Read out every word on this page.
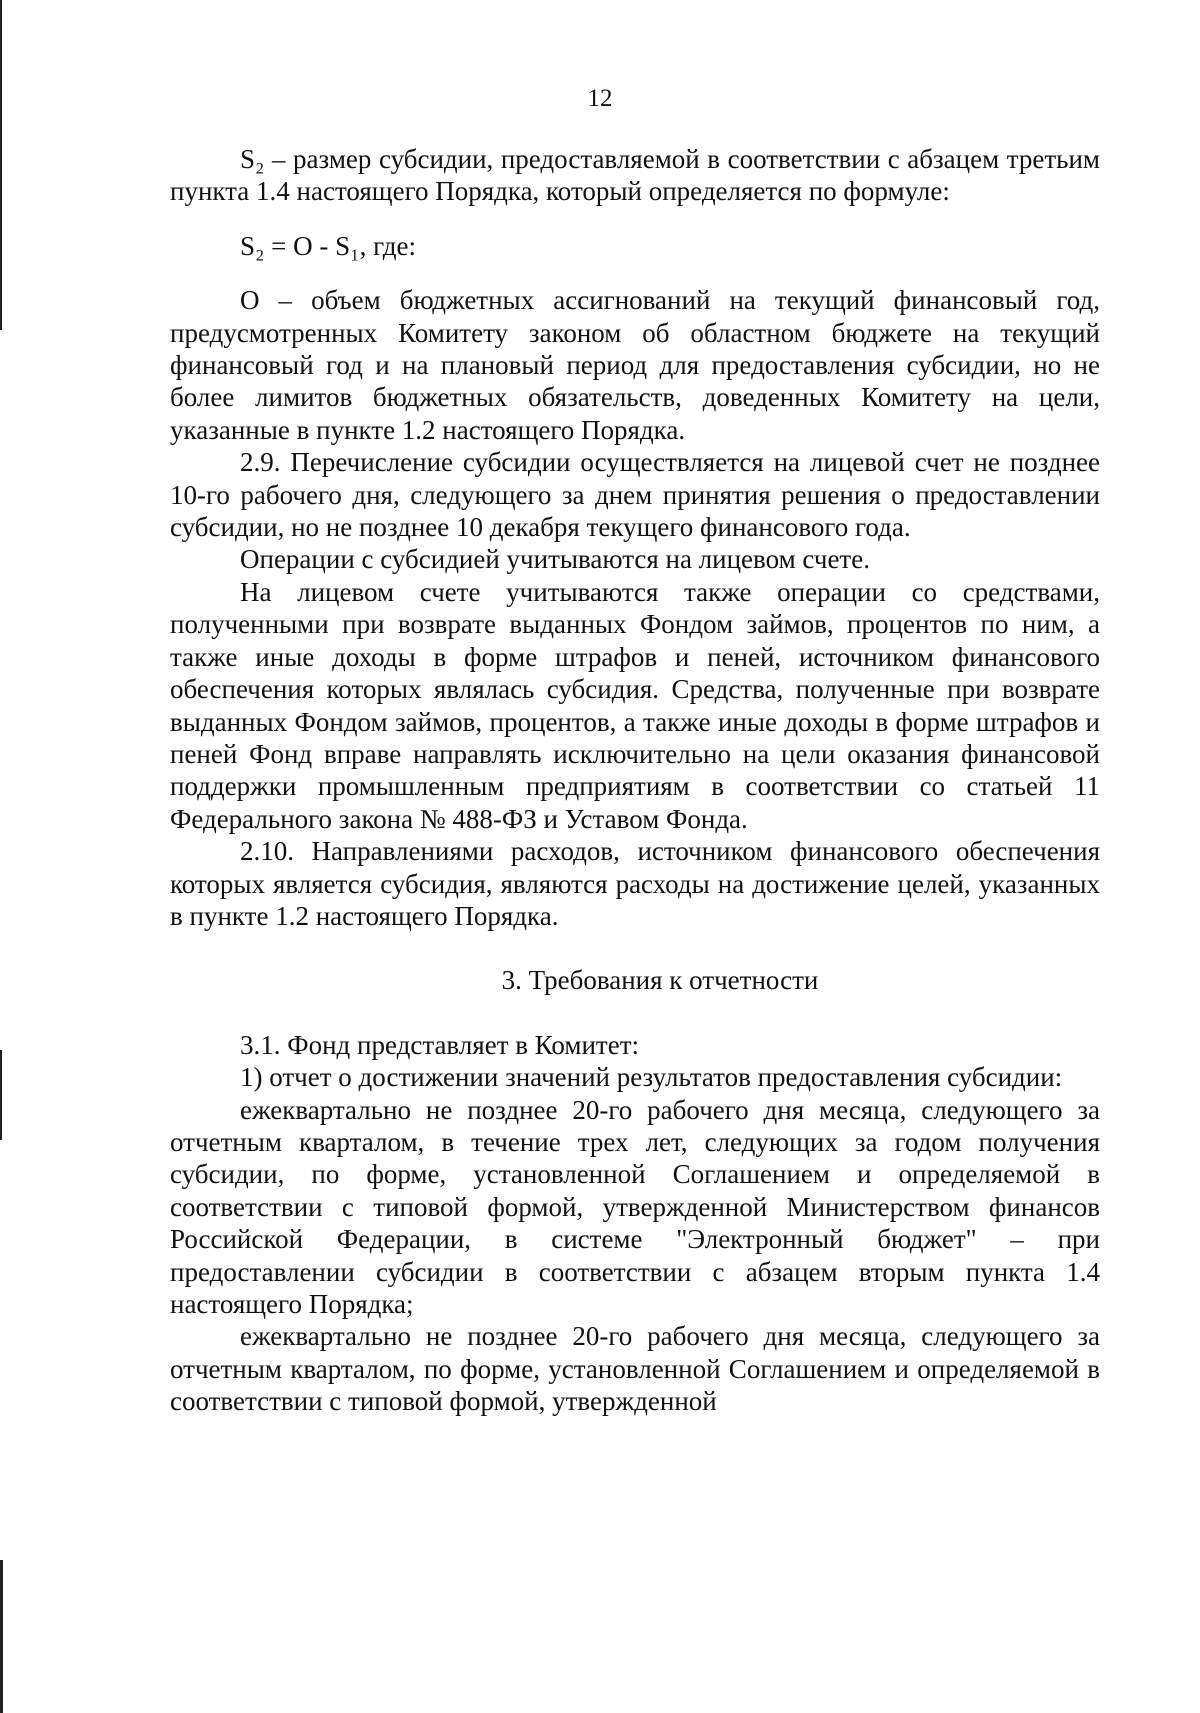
12

S₂ – размер субсидии, предоставляемой в соответствии с абзацем третьим пункта 1.4 настоящего Порядка, который определяется по формуле:

S₂ = O - S₁, где:

O – объем бюджетных ассигнований на текущий финансовый год, предусмотренных Комитету законом об областном бюджете на текущий финансовый год и на плановый период для предоставления субсидии, но не более лимитов бюджетных обязательств, доведенных Комитету на цели, указанные в пункте 1.2 настоящего Порядка.

2.9. Перечисление субсидии осуществляется на лицевой счет не позднее 10-го рабочего дня, следующего за днем принятия решения о предоставлении субсидии, но не позднее 10 декабря текущего финансового года.

Операции с субсидией учитываются на лицевом счете.

На лицевом счете учитываются также операции со средствами, полученными при возврате выданных Фондом займов, процентов по ним, а также иные доходы в форме штрафов и пеней, источником финансового обеспечения которых являлась субсидия. Средства, полученные при возврате выданных Фондом займов, процентов, а также иные доходы в форме штрафов и пеней Фонд вправе направлять исключительно на цели оказания финансовой поддержки промышленным предприятиям в соответствии со статьей 11 Федерального закона № 488-ФЗ и Уставом Фонда.

2.10. Направлениями расходов, источником финансового обеспечения которых является субсидия, являются расходы на достижение целей, указанных в пункте 1.2 настоящего Порядка.

3. Требования к отчетности

3.1. Фонд представляет в Комитет:

1) отчет о достижении значений результатов предоставления субсидии:

ежеквартально не позднее 20-го рабочего дня месяца, следующего за отчетным кварталом, в течение трех лет, следующих за годом получения субсидии, по форме, установленной Соглашением и определяемой в соответствии с типовой формой, утвержденной Министерством финансов Российской Федерации, в системе "Электронный бюджет" – при предоставлении субсидии в соответствии с абзацем вторым пункта 1.4 настоящего Порядка;

ежеквартально не позднее 20-го рабочего дня месяца, следующего за отчетным кварталом, по форме, установленной Соглашением и определяемой в соответствии с типовой формой, утвержденной
